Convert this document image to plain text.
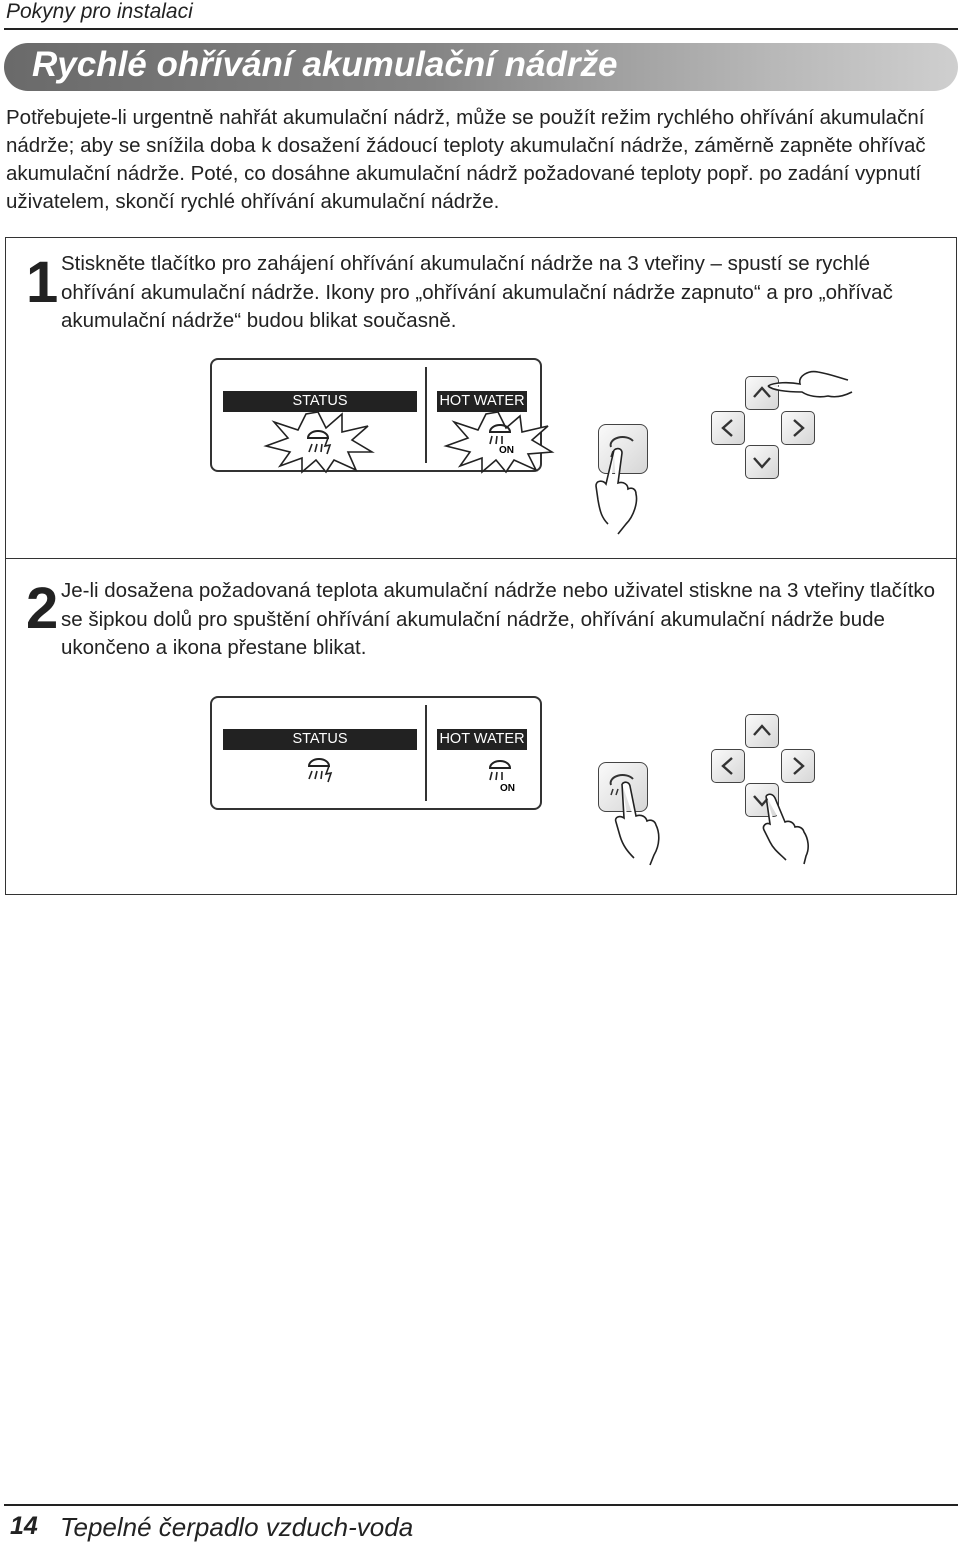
Pokyny pro instalaci
Rychlé ohřívání akumulační nádrže
Potřebujete-li urgentně nahřát akumulační nádrž, může se použít režim rychlého ohřívání akumulační nádrže; aby se snížila doba k dosažení žádoucí teploty akumulační nádrže, záměrně zapněte ohřívač akumulační nádrže. Poté, co dosáhne akumulační nádrž požadované teploty popř. po zadání vypnutí uživatelem, skončí rychlé ohřívání akumulační nádrže.
1 Stiskněte tlačítko pro zahájení ohřívání akumulační nádrže na 3 vteřiny – spustí se rychlé ohřívání akumulační nádrže. Ikony pro „ohřívání akumulační nádrže zapnuto“ a pro „ohřívač akumulační nádrže“ budou blikat současně.
STATUS	HOT WATER
ON
2 Je-li dosažena požadovaná teplota akumulační nádrže nebo uživatel stiskne na 3 vteřiny tlačítko se šipkou dolů pro spuštění ohřívání akumulační nádrže, ohřívání akumulační nádrže bude ukončeno a ikona přestane blikat.
STATUS	HOT WATER
ON
14 Tepelné čerpadlo vzduch-voda
